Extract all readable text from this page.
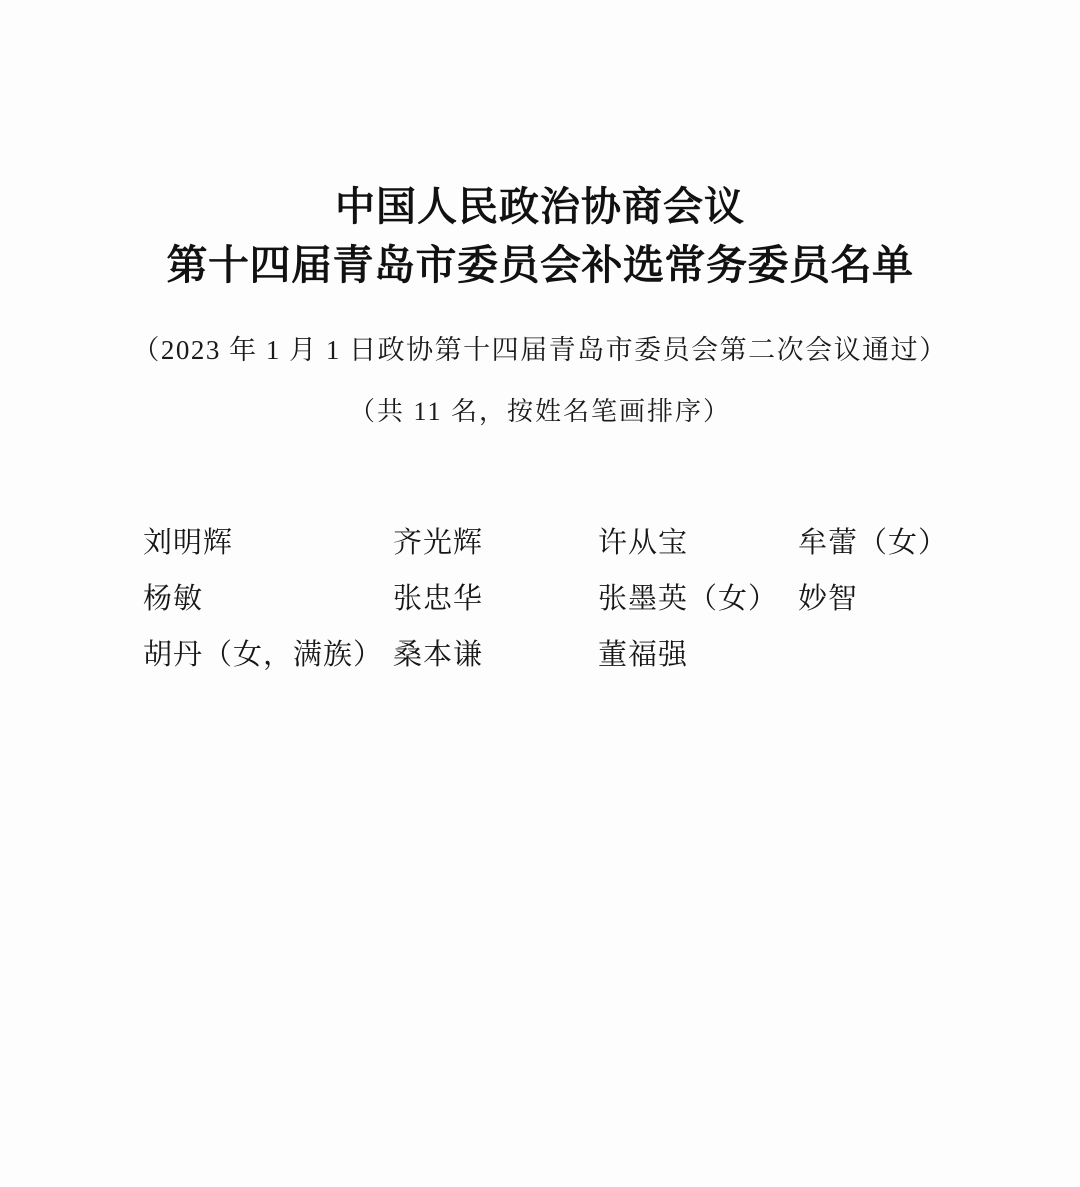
中国人民政治协商会议
第十四届青岛市委员会补选常务委员名单

（2023 年 1 月 1 日政协第十四届青岛市委员会第二次会议通过）

（共 11 名，按姓名笔画排序）

刘明辉	齐光辉	许从宝	牟蕾（女）
杨敏	张忠华	张墨英（女） 妙智
胡丹（女，满族） 桑本谦	董福强
